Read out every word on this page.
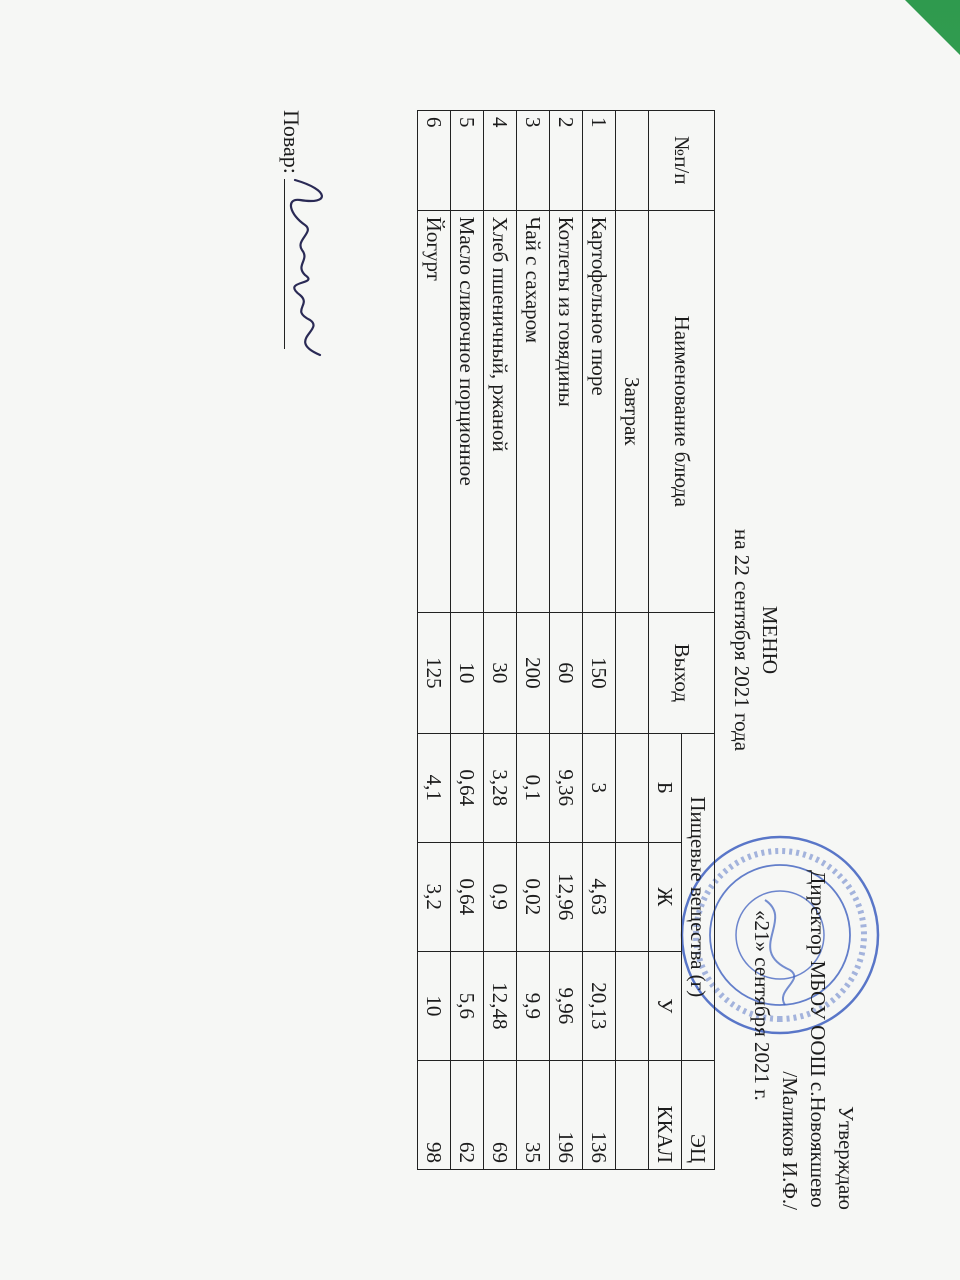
Утверждаю
Директор МБОУ ООШ с.Новоякшево
/Маликов И.Ф./
«21» сентября 2021 г.
МЕНЮ
на 22 сентября 2021 года
№п/п	Наименование блюда	Выход	Пищевые вещества (г)			ЭЦ
			Б	Ж	У	ККАЛ
	Завтрак					
1	Картофельное пюре	150	3	4,63	20,13	136
2	Котлеты из говядины	60	9,36	12,96	9,96	196
3	Чай с сахаром	200	0,1	0,02	9,9	35
4	Хлеб пшеничный, ржаной	30	3,28	0,9	12,48	69
5	Масло сливочное порционное	10	0,64	0,64	5,6	62
6	Йогурт	125	4,1	3,2	10	98
Повар:
